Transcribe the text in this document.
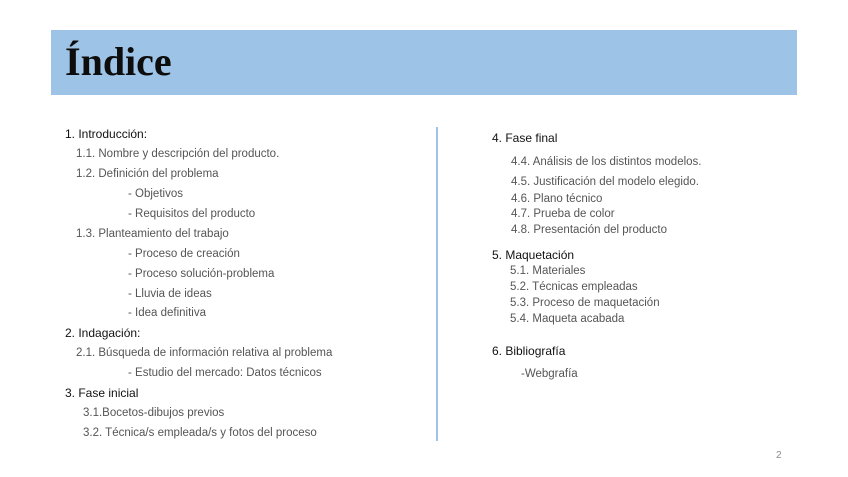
Índice
1. Introducción:
1.1. Nombre y descripción del producto.
1.2. Definición del problema
- Objetivos
- Requisitos del producto
1.3. Planteamiento del trabajo
- Proceso de creación
- Proceso solución-problema
- Lluvia de ideas
- Idea definitiva
2. Indagación:
2.1. Búsqueda de información relativa al problema
- Estudio del mercado: Datos técnicos
3. Fase inicial
3.1.Bocetos-dibujos previos
3.2. Técnica/s empleada/s y fotos del proceso
4. Fase final
4.4. Análisis de los distintos modelos.
4.5. Justificación del modelo elegido.
4.6. Plano técnico
4.7. Prueba de color
4.8. Presentación del producto
5. Maquetación
5.1. Materiales
5.2. Técnicas empleadas
5.3. Proceso de maquetación
5.4. Maqueta acabada
6. Bibliografía
-Webgrafía
2
